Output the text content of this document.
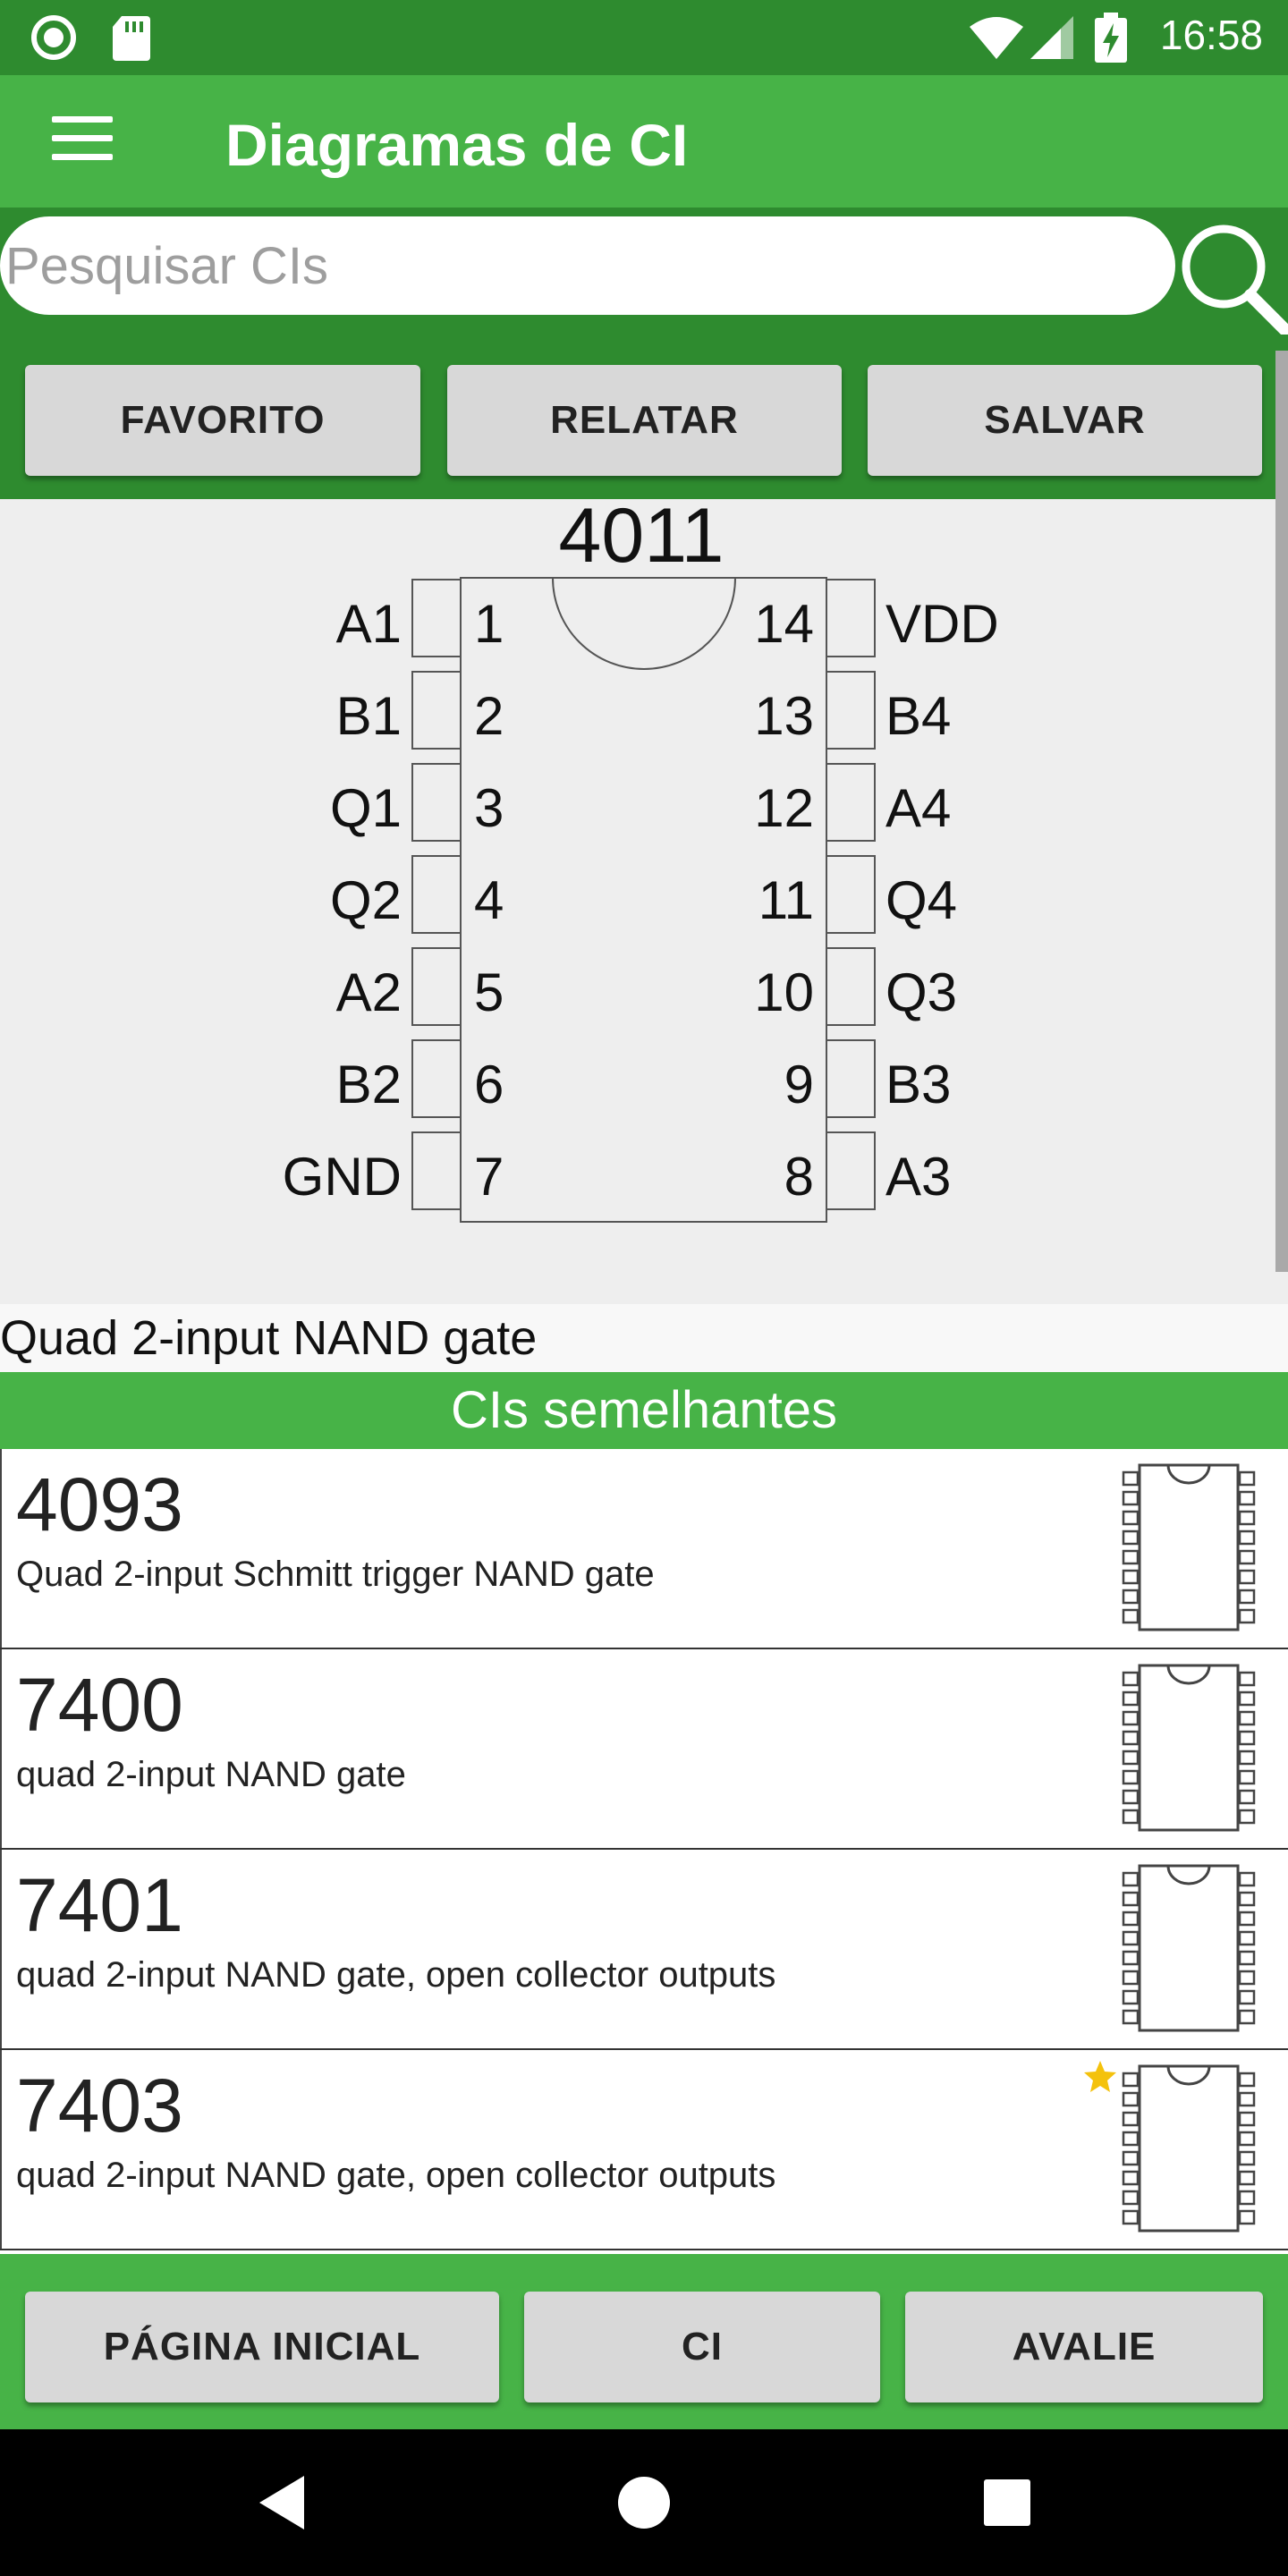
16:58
Diagramas de CI
Pesquisar CIs
FAVORITO	RELATAR	SALVAR
4011
A1 1
B1 2
Q1 3
Q2 4
A2 5
B2 6
GND 7
14 VDD
13 B4
12 A4
11 Q4
10 Q3
9 B3
8 A3
Quad 2-input NAND gate
CIs semelhantes
4093
Quad 2-input Schmitt trigger NAND gate
7400
quad 2-input NAND gate
7401
quad 2-input NAND gate, open collector outputs
7403
quad 2-input NAND gate, open collector outputs
PÁGINA INICIAL	CI	AVALIE
